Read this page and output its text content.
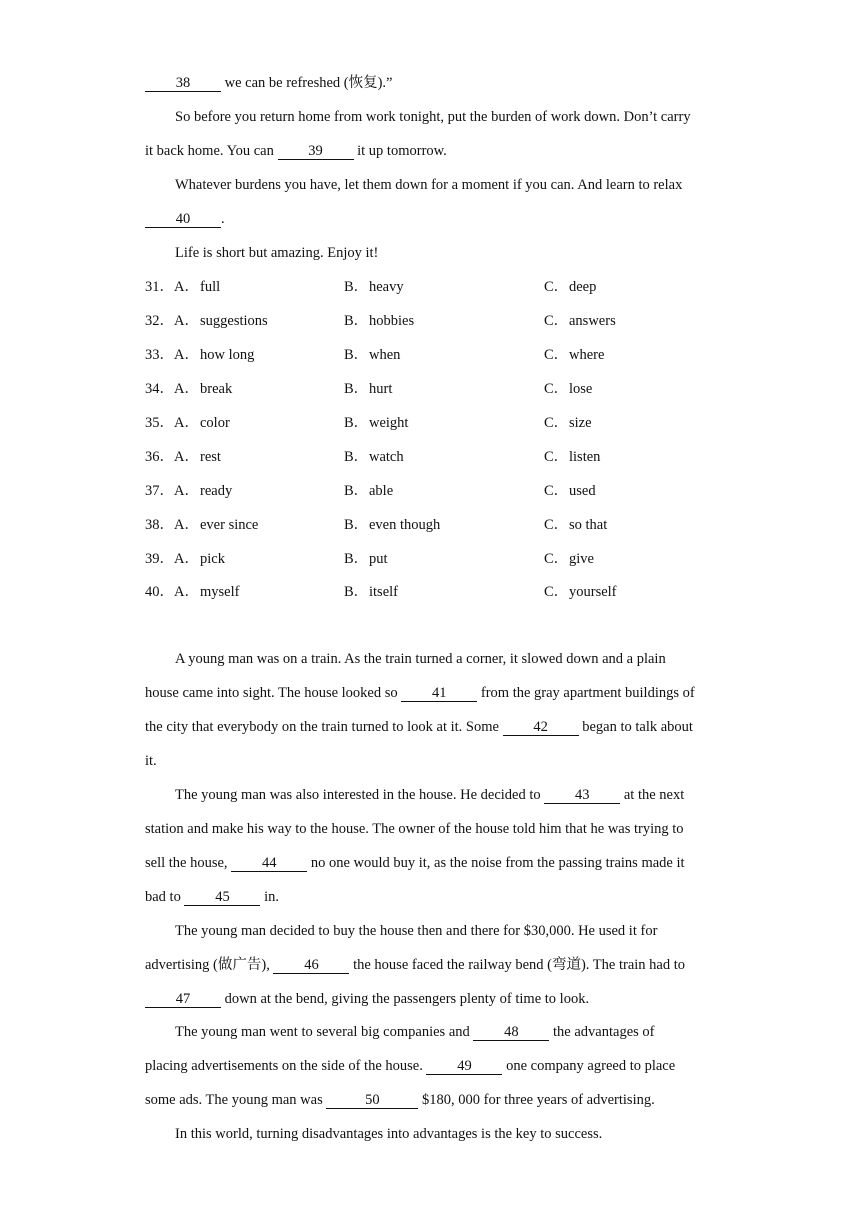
38 we can be refreshed (恢复).”
So before you return home from work tonight, put the burden of work down. Don’t carry
it back home. You can 39 it up tomorrow.
Whatever burdens you have, let them down for a moment if you can. And learn to relax
40 .
Life is short but amazing. Enjoy it!
31．A． full	B． heavy	C． deep
32．A． suggestions	B． hobbies	C． answers
33．A． how long	B． when	C． where
34．A． break	B． hurt	C． lose
35．A． color	B． weight	C． size
36．A． rest	B． watch	C． listen
37．A． ready	B． able	C． used
38．A． ever since	B． even though	C． so that
39．A． pick	B． put	C． give
40．A． myself	B． itself	C． yourself
A young man was on a train. As the train turned a corner, it slowed down and a plain
house came into sight. The house looked so 41 from the gray apartment buildings of
the city that everybody on the train turned to look at it. Some 42 began to talk about
it.
The young man was also interested in the house. He decided to 43 at the next
station and make his way to the house. The owner of the house told him that he was trying to
sell the house, 44 no one would buy it, as the noise from the passing trains made it
bad to 45 in.
The young man decided to buy the house then and there for $30,000. He used it for
advertising (做广告), 46 the house faced the railway bend (弯道). The train had to
47 down at the bend, giving the passengers plenty of time to look.
The young man went to several big companies and 48 the advantages of
placing advertisements on the side of the house. 49 one company agreed to place
some ads. The young man was	50	$180, 000 for three years of advertising.
In this world, turning disadvantages into advantages is the key to success.
